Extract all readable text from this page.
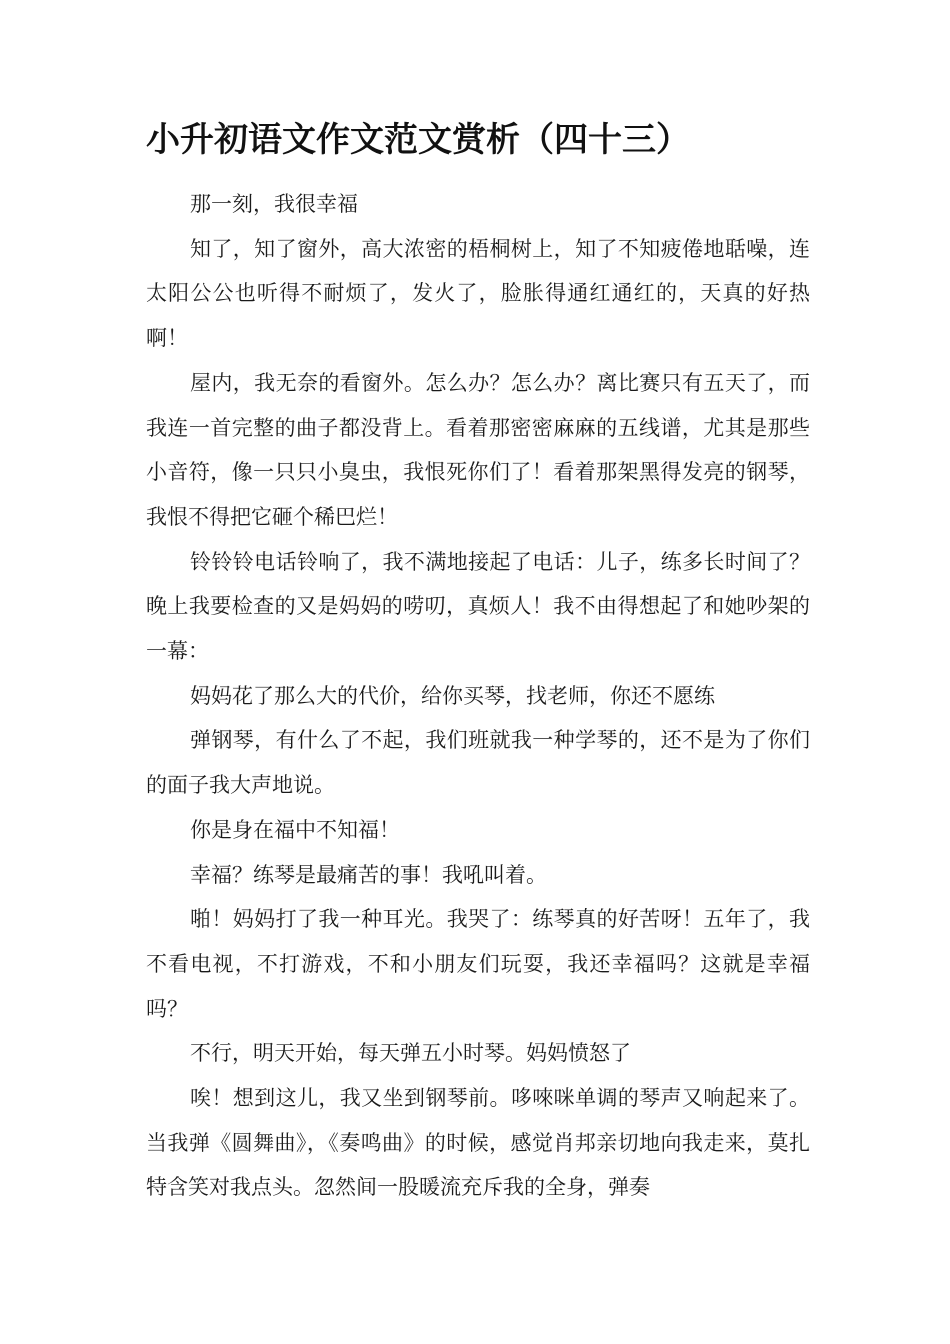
小升初语文作文范文赏析（四十三）

那一刻，我很幸福

知了，知了窗外，高大浓密的梧桐树上，知了不知疲倦地聒噪，连太阳公公也听得不耐烦了，发火了，脸胀得通红通红的，天真的好热啊！

屋内，我无奈的看窗外。怎么办？怎么办？离比赛只有五天了，而我连一首完整的曲子都没背上。看着那密密麻麻的五线谱，尤其是那些小音符，像一只只小臭虫，我恨死你们了！看着那架黑得发亮的钢琴，我恨不得把它砸个稀巴烂！

铃铃铃电话铃响了，我不满地接起了电话：儿子，练多长时间了？晚上我要检查的又是妈妈的唠叨，真烦人！我不由得想起了和她吵架的一幕：

妈妈花了那么大的代价，给你买琴，找老师，你还不愿练

弹钢琴，有什么了不起，我们班就我一种学琴的，还不是为了你们的面子我大声地说。

你是身在福中不知福！

幸福？练琴是最痛苦的事！我吼叫着。

啪！妈妈打了我一种耳光。我哭了：练琴真的好苦呀！五年了，我不看电视，不打游戏，不和小朋友们玩耍，我还幸福吗？这就是幸福吗？

不行，明天开始，每天弹五小时琴。妈妈愤怒了

唉！想到这儿，我又坐到钢琴前。哆唻咪单调的琴声又响起来了。当我弹《圆舞曲》，《奏鸣曲》的时候，感觉肖邦亲切地向我走来，莫扎特含笑对我点头。忽然间一股暖流充斥我的全身，弹奏
